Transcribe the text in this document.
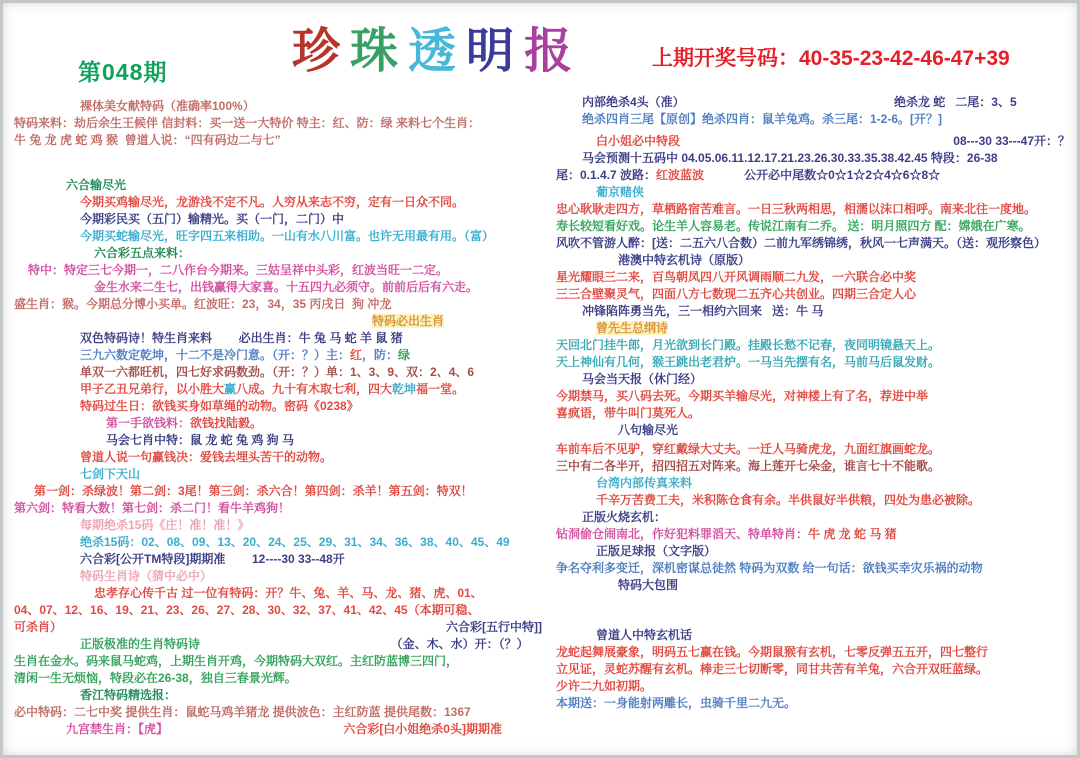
第048期	珍珠透明报	上期开奖号码：40-35-23-42-46-47+39
裸体美女献特码（准确率100%）
特码来料：劫后余生王候伴 信封料：买一送一大特价 特主：红、防：绿 来料七个生肖：
牛 兔 龙 虎 蛇 鸡 猴  曾道人说：“四有码边二与七”
六合输尽光
今期买鸡输尽光，龙游浅不定不凡。人穷从来志不穷，定有一日众不同。
今期彩民买（五门）输精光。买（一门，二门）中
今期买蛇输尽光，旺字四五来相助。一山有水八川富。也许无用最有用。（富）
六合彩五点来料：
特中：特定三七今期一，二八作台今期来。三姑呈祥中头彩，红波当旺一二定。
金生水来二生七，出钱赢得大家喜。十五四九必须守。前前后后有六走。
盛生肖：猴。今期总分博小买单。红波旺：23，34，35 丙戌日  狗 冲龙
特码必出生肖
双色特码诗！特生肖来料        必出生肖：牛 兔 马 蛇 羊 鼠 猪
三九六数定乾坤，十二不是冷门意。（开：？）主：红，防：绿
单双一六都旺机，四七好求码数劲。（开：？）单：1、3、9、双：2、4、6
甲子乙丑兄弟行，以小胜大赢八成。九十有木取七利，四大乾坤福一堂。
特码过生日：欲钱买身如草绳的动物。密码《0238》
第一手欲钱料：欲钱找陆毅。
马会七肖中特：鼠 龙 蛇 兔 鸡 狗 马
曾道人说一句赢钱决：爱钱去埋头苦干的动物。
七剑下天山
第一剑：杀绿波！第二剑：3尾！第三剑：杀六合！第四剑：杀羊！第五剑：特双！
第六剑：特看大数！第七剑：杀二门！看牛羊鸡狗！
每期绝杀15码《庄！准！准！》
绝杀15码：02、08、09、13、20、24、25、29、31、34、36、38、40、45、49
六合彩[公开TM特段]期期准        12----30 33--48开
特码生肖诗（猜中必中）
忠孝存心传千古 过一位有特码：开？牛、兔、羊、马、龙、猪、虎、01、
04、07、12、16、19、21、23、26、27、28、30、32、37、41、42、45（本期可稳、
可杀肖）	六合彩[五行中特]]
正版极准的生肖特码诗	（金、木、水）开：（？）
生肖在金水。码来鼠马蛇鸡，上期生肖开鸡，今期特码大双红。主红防蓝博三四门，
清闲一生无烦恼，特段必在26-38，独自三春景光辉。
香江特码精选报：
必中特码：二七中奖 提供生肖：鼠蛇马鸡羊猪龙 提供波色：主红防蓝 提供尾数：1367
九宫禁生肖：【虎】	六合彩[白小姐绝杀0头]期期准
内部绝杀4头（准）	绝杀龙 蛇   二尾：3、5
绝杀四肖三尾【原创】绝杀四肖：鼠羊兔鸡。杀三尾：1-2-6。[开？]
白小姐必中特段	08---30 33---47开：？
马会预测十五码中 04.05.06.11.12.17.21.23.26.30.33.35.38.42.45 特段：26-38
尾：0.1.4.7 波路：红波蓝波            公开必中尾数☆0☆1☆2☆4☆6☆8☆
葡京赌侠
忠心耿耿走四方，草栖路宿苦难言。一日三秋两相思，相濡以沫口相呼。南来北往一度地。
寿长较短看好戏。论生羊人容易老。传说江南有二乔。 送：明月照四方 配：嫦娥在广寒。
风吹不管游人醉：[送：二五六八合数）二前九军绣锦绣，秋风一七声满天。（送：观形察色）
港澳中特玄机诗（原版）
星光耀眼三二来，百鸟朝凤四八开风调雨顺二九发，一六联合必中奖
三三合壁聚灵气，四面八方七数现二五齐心共创业。四期三合定人心
冲锋陷阵勇当先，三一相约六回来   送：牛 马
曾先生总纲诗
天回北门挂牛郎，月光欲到长门殿。挂殿长愁不记春，夜同明镜悬天上。
天上神仙有几何，猴王跳出老君炉。一马当先摆有名，马前马后鼠发财。
马会当天报（休门经）
今期禁马，买八码去死。今期买羊输尽光，对神楼上有了名，荐进中举
喜疯语，带牛叫门莫死人。
八句输尽光
车前车后不见驴，穿红戴绿大丈夫。一迁人马骑虎龙，九面红旗画蛇龙。
三中有二各半开，招四招五对阵来。海上莲开七朵金，谁言七十不能歌。
台湾内部传真来料
千辛万苦费工夫，米积陈仓食有余。半供鼠好半供粮，四处为患必被除。
正版火烧玄机：
钻洞偷仓闹南北，作好犯料罪滔天、特单特肖：牛 虎 龙 蛇 马 猪
正版足球报（文字版）
争名夺利多变迁，深机密谋总徒然 特码为双数 给一句话：欲钱买幸灾乐祸的动物
特码大包围
曾道人中特玄机话
龙蛇起舞展豪象，明码五七赢在钱。今期鼠猴有玄机，七零反弹五五开，四七整行
立见证，灵蛇苏醒有玄机。棒走三七切断零，同甘共苦有羊兔，六合开双旺蓝绿。
少许二九如初期。
本期送：一身能射两雕长，虫骑千里二九无。
